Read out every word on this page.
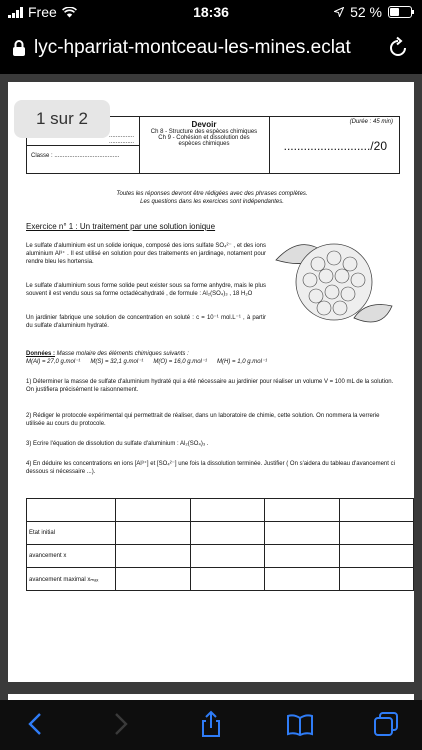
Free	18:36	52 %
lyc-hparriat-montceau-les-mines.eclat
...............
...............
Classe : .......................................
Devoir
Ch 8 - Structure des espèces chimiques
Ch 9 - Cohésion et dissolution des espèces chimiques
(Durée : 45 min)
........................../20
Toutes les réponses devront être rédigées avec des phrases complètes.
Les questions dans les exercices sont indépendantes.
Exercice n° 1 : Un traitement par une solution ionique
Le sulfate d'aluminium est un solide ionique, composé des ions sulfate SO₄²⁻ , et des ions aluminium Al³⁺ . Il est utilisé en solution pour des traitements en jardinage, notament pour rendre bleu les hortensia.
Le sulfate d'aluminium sous forme solide peut exister sous sa forme anhydre, mais le plus souvent il est vendu sous sa forme octadécahydraté , de formule : Al₂(SO₄)₃ , 18 H₂O
Un jardinier fabrique une solution de concentration en soluté : c = 10⁻¹ mol.L⁻¹ , à partir du sulfate d'aluminium hydraté.
Données : Masse molaire des éléments chimiques suivants :
M(Al) = 27,0 g.mol⁻¹      M(S) = 32,1 g.mol⁻¹      M(O) = 16,0 g.mol⁻¹      M(H) = 1,0 g.mol⁻¹
1) Déterminer la masse de sulfate d'aluminium hydraté qui a été nécessaire au jardinier pour réaliser un volume V = 100 mL de la solution. On justifiera précisément le raisonnement.
2) Rédiger le protocole expérimental qui permettrait de réaliser, dans un laboratoire de chimie, cette solution. On nommera la verrerie utilisée au cours du protocole.
3) Ecrire l'équation de dissolution du sulfate d'aluminium : Al₂(SO₄)₃ .
4) En déduire les concentrations en ions [Al³⁺] et [SO₄²⁻] une fois la dissolution terminée. Justifier ( On s'aidera du tableau d'avancement ci dessous si nécessaire ...).

Etat initial				
avancement x				
avancement maximal xₘₐₓ				
1 sur 2
